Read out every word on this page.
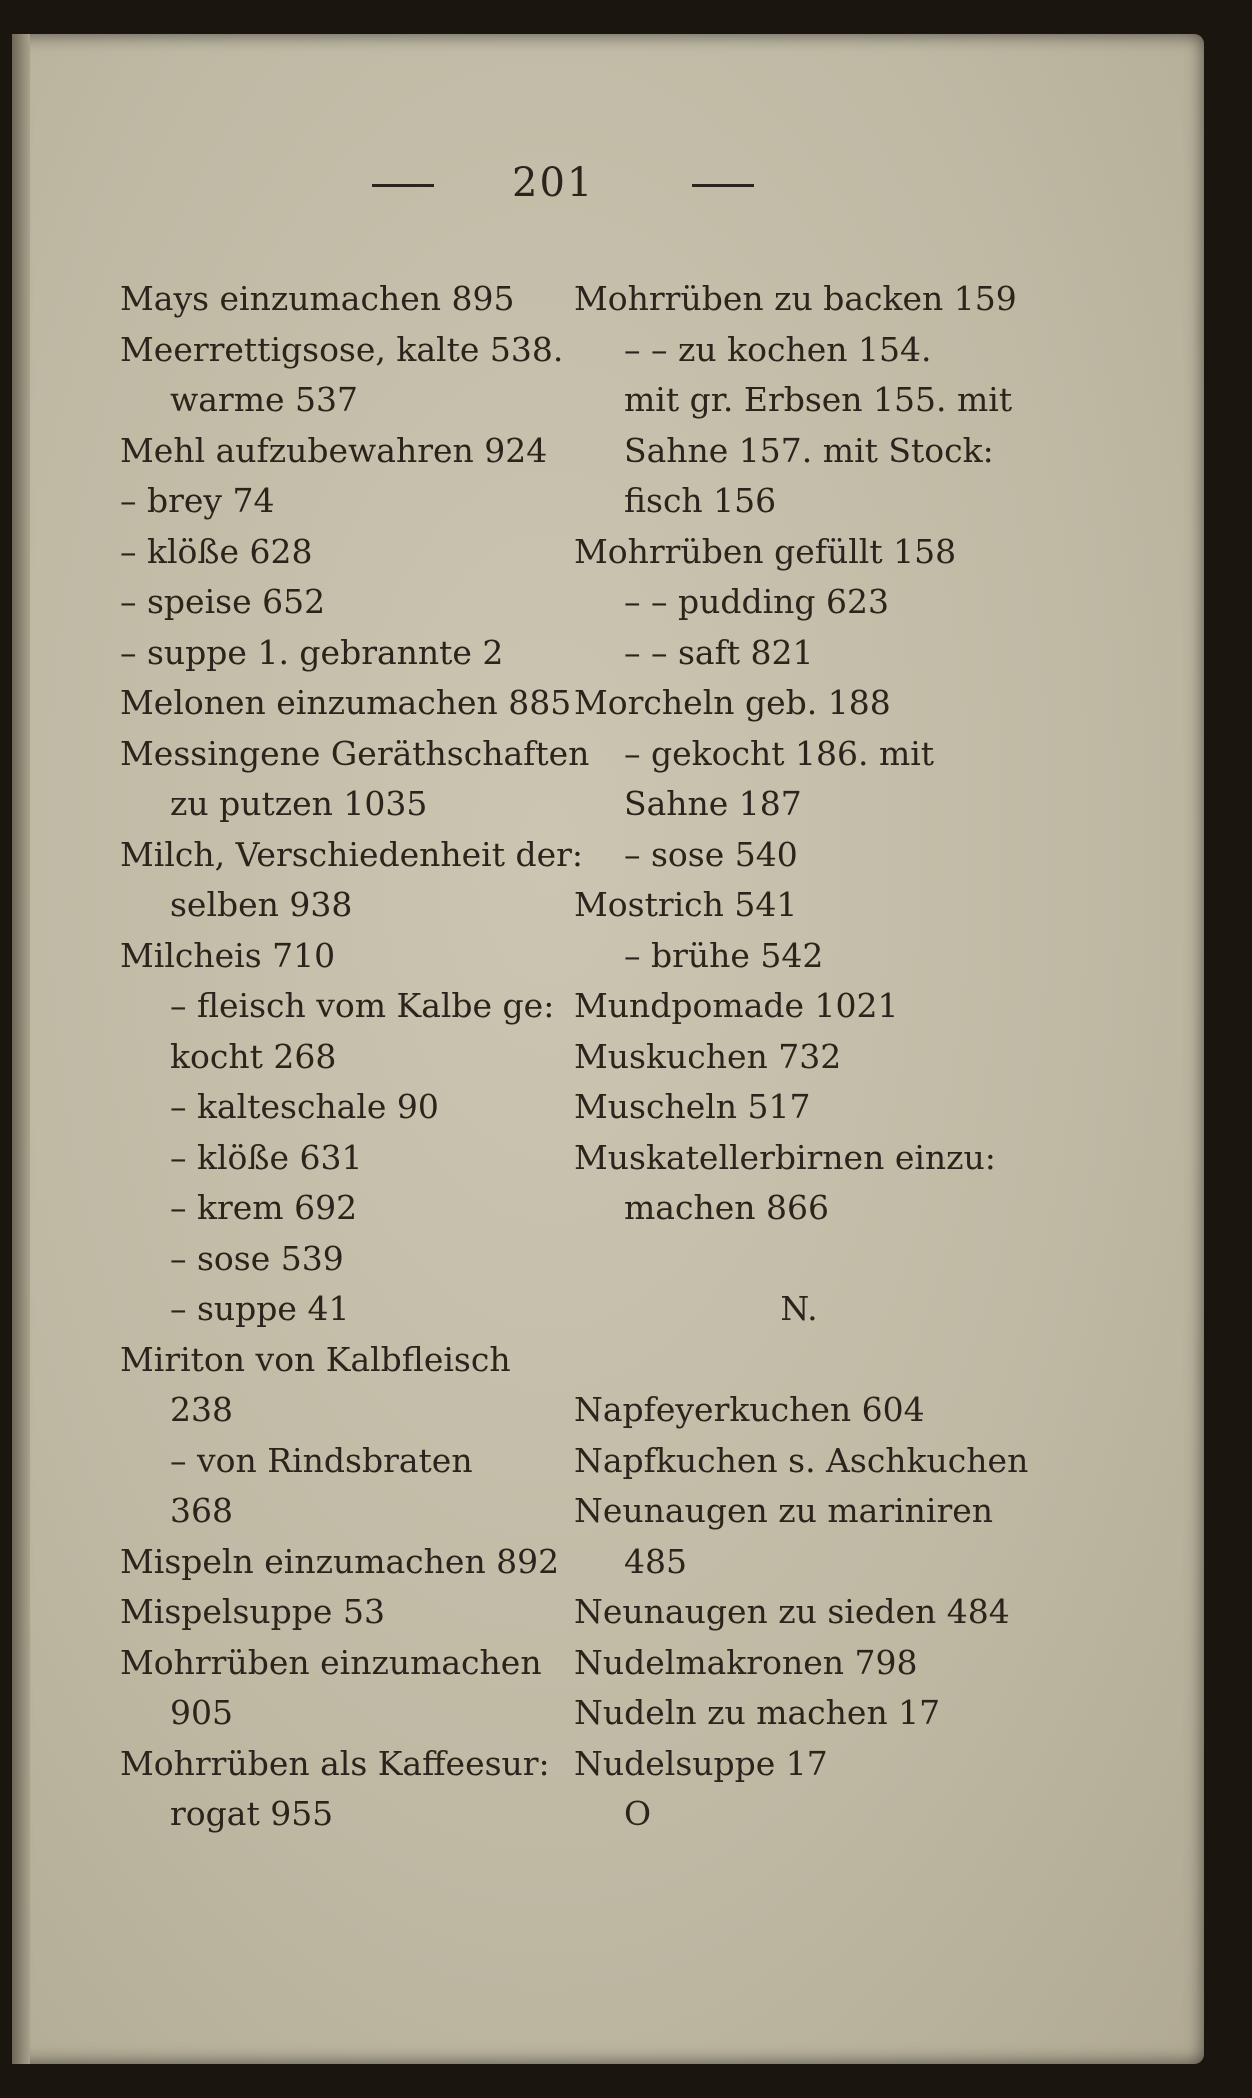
201
Mays einzumachen 895
Meerrettigsose, kalte 538.
warme 537
Mehl aufzubewahren 924
– brey 74
– klöße 628
– speise 652
– suppe 1. gebrannte 2
Melonen einzumachen 885
Messingene Geräthschaften
zu putzen 1035
Milch, Verschiedenheit der:
selben 938
Milcheis 710
– fleisch vom Kalbe ge:
kocht 268
– kalteschale 90
– klöße 631
– krem 692
– sose 539
– suppe 41
Miriton von Kalbfleisch
238
– von Rindsbraten
368
Mispeln einzumachen 892
Mispelsuppe 53
Mohrrüben einzumachen
905
Mohrrüben als Kaffeesur:
rogat 955
Mohrrüben zu backen 159
– – zu kochen 154.
mit gr. Erbsen 155. mit
Sahne 157. mit Stock:
fisch 156
Mohrrüben gefüllt 158
– – pudding 623
– – saft 821
Morcheln geb. 188
– gekocht 186. mit
Sahne 187
– sose 540
Mostrich 541
– brühe 542
Mundpomade 1021
Muskuchen 732
Muscheln 517
Muskatellerbirnen einzu:
machen 866
N.
Napfeyerkuchen 604
Napfkuchen s. Aschkuchen
Neunaugen zu mariniren
485
Neunaugen zu sieden 484
Nudelmakronen 798
Nudeln zu machen 17
Nudelsuppe 17
O
